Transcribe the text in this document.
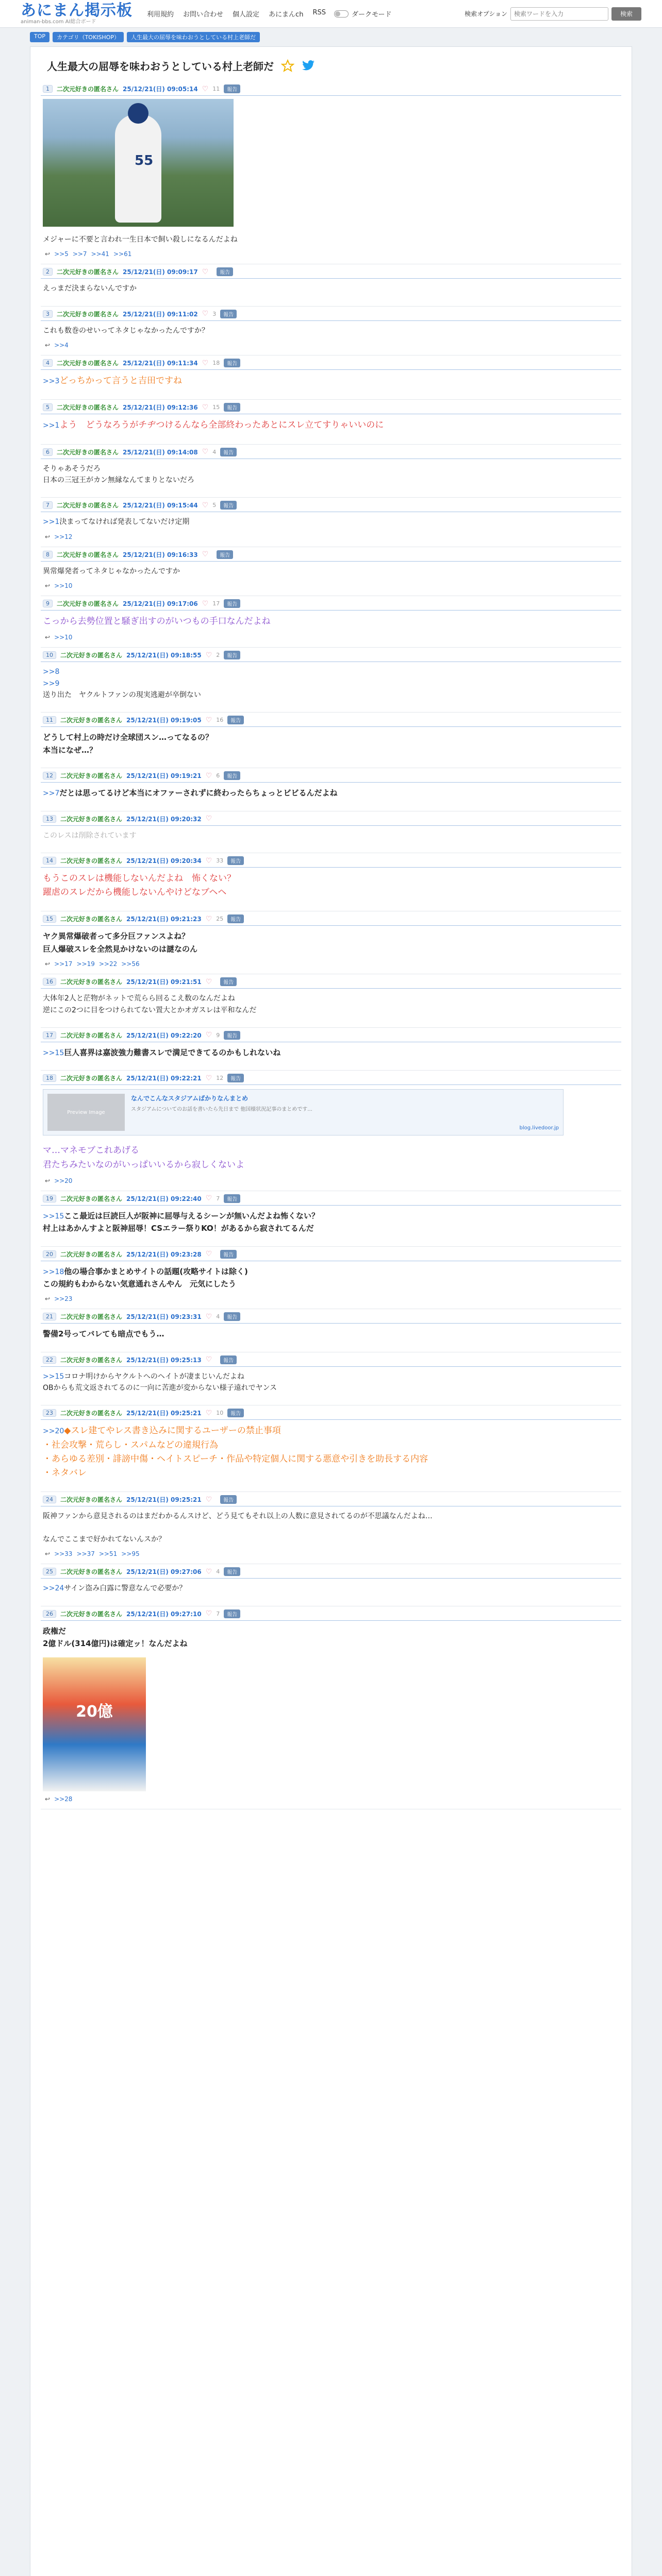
あにまん掲示板
animan-bbs.com AI総合ボード
利用規約 お問い合わせ 個人設定 あにまんch RSS	ダークモード	検索オプション
検索ワードを入力	検索
TOP	カテゴリ（TOKISHOP）	人生最大の屈辱を味わおうとしている村上老師だ
人生最大の屈辱を味わおうとしている村上老師だ
1	二次元好きの匿名さん 25/12/21(日) 09:05:14 ♡ 11	報告
55
メジャーに不要と言われ一生日本で飼い殺しになるんだよね
↩ >>5 >>7 >>41 >>61
2	二次元好きの匿名さん 25/12/21(日) 09:09:17 ♡	報告
えっまだ決まらないんですか
3	二次元好きの匿名さん 25/12/21(日) 09:11:02 ♡ 3	報告
これも数巻のせいってネタじゃなかったんですか？
↩ >>4
4	二次元好きの匿名さん 25/12/21(日) 09:11:34 ♡ 18	報告
>>3どっちかって言うと吉田ですね
5	二次元好きの匿名さん 25/12/21(日) 09:12:36 ♡ 15	報告
>>1よう　どうなろうがチヂつけるんなら全部終わったあとにスレ立てすりゃいいのに
6	二次元好きの匿名さん 25/12/21(日) 09:14:08 ♡ 4	報告
そりゃあそうだろ
日本の三冠王がカン無縁なんてまりとないだろ
7	二次元好きの匿名さん 25/12/21(日) 09:15:44 ♡ 5	報告
>>1決まってなければ発表してないだけ定期
↩ >>12
8	二次元好きの匿名さん 25/12/21(日) 09:16:33 ♡	報告
異常爆発者ってネタじゃなかったんですか
↩ >>10
9	二次元好きの匿名さん 25/12/21(日) 09:17:06 ♡ 17	報告
こっから去勢位置と騒ぎ出すのがいつもの手口なんだよね
↩ >>10
10	二次元好きの匿名さん 25/12/21(日) 09:18:55 ♡ 2	報告
>>8
>>9
送り出た　ヤクルトファンの現実逃避が卒倒ない
11	二次元好きの匿名さん 25/12/21(日) 09:19:05 ♡ 16	報告
どうして村上の時だけ全球団スン…ってなるの？
本当になぜ…？
12	二次元好きの匿名さん 25/12/21(日) 09:19:21 ♡ 6	報告
>>7だとは思ってるけど本当にオファーされずに終わったらちょっとビビるんだよね
13	二次元好きの匿名さん 25/12/21(日) 09:20:32 ♡
このレスは削除されています
14	二次元好きの匿名さん 25/12/21(日) 09:20:34 ♡ 33	報告
もうこのスレは機能しないんだよね　怖くない？
躍虐のスレだから機能しないんやけどなブヘヘ
15	二次元好きの匿名さん 25/12/21(日) 09:21:23 ♡ 25	報告
ヤク異常爆破者って多分巨ファンスよね？
巨人爆破スレを全然見かけないのは謎なのん
↩ >>17 >>19 >>22 >>56
16	二次元好きの匿名さん 25/12/21(日) 09:21:51 ♡	報告
大体年2人と茫物がネットで荒らら回るこえ数のなんだよね
逆にこの2つに目をつけられてない置大とかオガスレは平和なんだ
17	二次元好きの匿名さん 25/12/21(日) 09:22:20 ♡ 9	報告
>>15巨人喜界は嘉波強力難書スレで満足できてるのかもしれないね
18	二次元好きの匿名さん 25/12/21(日) 09:22:21 ♡ 12	報告
Preview Image
なんでこんなスタジアムばかりなんまとめ
スタジアムについてのお話を書いたら先日まで 他国様状況記事のまとめです...
blog.livedoor.jp
マ…マネモブこれあげる
君たちみたいなのがいっぱいいるから寂しくないよ
↩ >>20
19	二次元好きの匿名さん 25/12/21(日) 09:22:40 ♡ 7	報告
>>15ここ最近は巨読巨人が阪神に屈辱与えるシーンが無いんだよね怖くない？
村上はあかんすよと阪神屈辱！CSエラー祭りKO！があるから寂されてるんだ
20	二次元好きの匿名さん 25/12/21(日) 09:23:28 ♡	報告
>>18他の場合事かまとめサイトの話題(攻略サイトは除く)
この規約もわからない気意通れさんやん　元気にしたう
↩ >>23
21	二次元好きの匿名さん 25/12/21(日) 09:23:31 ♡ 4	報告
警備2号ってバレても暗点でもう…
22	二次元好きの匿名さん 25/12/21(日) 09:25:13 ♡	報告
>>15コロナ明けからヤクルトへのヘイトが凄まじいんだよね
OBからも荒文返されてるのに一向に苦進が変からない様子遠れでヤンス
23	二次元好きの匿名さん 25/12/21(日) 09:25:21 ♡ 10	報告
>>20◆スレ建てやレス書き込みに関するユーザーの禁止事項
・社会攻撃・荒らし・スパムなどの違規行為
・あらゆる差別・誹謗中傷・ヘイトスピーチ・作品や特定個人に関する悪意や引きを助長する内容
・ネタバレ
24	二次元好きの匿名さん 25/12/21(日) 09:25:21 ♡	報告
阪神ファンから意見されるのはまだわかるんスけど、どう見てもそれ以上の人数に意見されてるのが不思議なんだよね…

なんでここまで好かれてないんスか？
↩ >>33 >>37 >>51 >>95
25	二次元好きの匿名さん 25/12/21(日) 09:27:06 ♡ 4	報告
>>24サイン盗み白露に警意なんで必要か？
26	二次元好きの匿名さん 25/12/21(日) 09:27:10 ♡ 7	報告
政権だ
2億ドル(314億円)は確定ッ！なんだよね
20億
↩ >>28
